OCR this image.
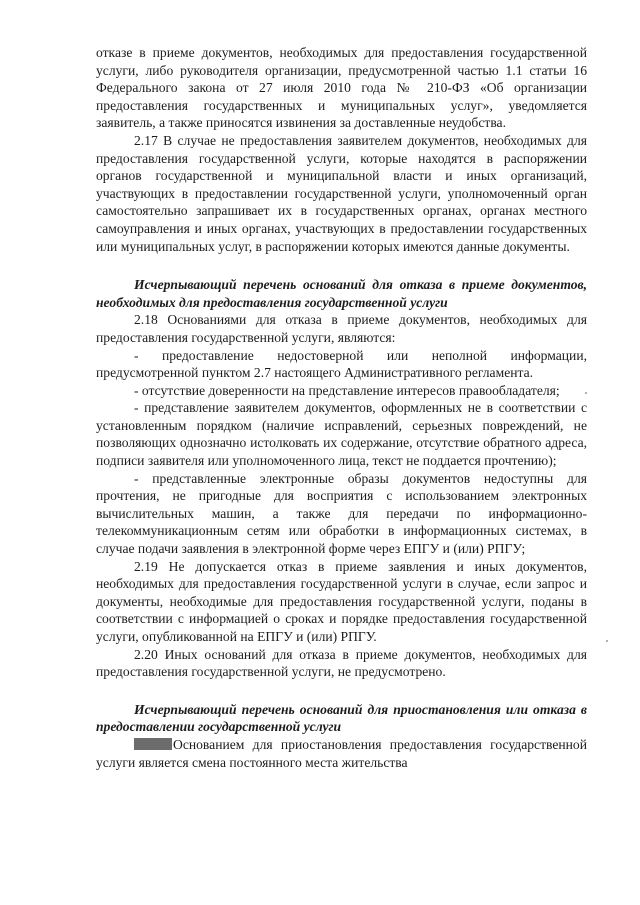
отказе в приеме документов, необходимых для предоставления государственной услуги, либо руководителя организации, предусмотренной частью 1.1 статьи 16 Федерального закона от 27 июля 2010 года № 210-ФЗ «Об организации предоставления государственных и муниципальных услуг», уведомляется заявитель, а также приносятся извинения за доставленные неудобства.

2.17 В случае не предоставления заявителем документов, необходимых для предоставления государственной услуги, которые находятся в распоряжении органов государственной и муниципальной власти и иных организаций, участвующих в предоставлении государственной услуги, уполномоченный орган самостоятельно запрашивает их в государственных органах, органах местного самоуправления и иных органах, участвующих в предоставлении государственных или муниципальных услуг, в распоряжении которых имеются данные документы.

Исчерпывающий перечень оснований для отказа в приеме документов, необходимых для предоставления государственной услуги

2.18 Основаниями для отказа в приеме документов, необходимых для предоставления государственной услуги, являются:

- предоставление недостоверной или неполной информации, предусмотренной пунктом 2.7 настоящего Административного регламента.

- отсутствие доверенности на представление интересов правообладателя;

- представление заявителем документов, оформленных не в соответствии с установленным порядком (наличие исправлений, серьезных повреждений, не позволяющих однозначно истолковать их содержание, отсутствие обратного адреса, подписи заявителя или уполномоченного лица, текст не поддается прочтению);

- представленные электронные образы документов недоступны для прочтения, не пригодные для восприятия с использованием электронных вычислительных машин, а также для передачи по информационно-телекоммуникационным сетям или обработки в информационных системах, в случае подачи заявления в электронной форме через ЕПГУ и (или) РПГУ;

2.19 Не допускается отказ в приеме заявления и иных документов, необходимых для предоставления государственной услуги в случае, если запрос и документы, необходимые для предоставления государственной услуги, поданы в соответствии с информацией о сроках и порядке предоставления государственной услуги, опубликованной на ЕПГУ и (или) РПГУ.

2.20 Иных оснований для отказа в приеме документов, необходимых для предоставления государственной услуги, не предусмотрено.

Исчерпывающий перечень оснований для приостановления или отказа в предоставлении государственной услуги

Основанием для приостановления предоставления государственной услуги является смена постоянного места жительства
